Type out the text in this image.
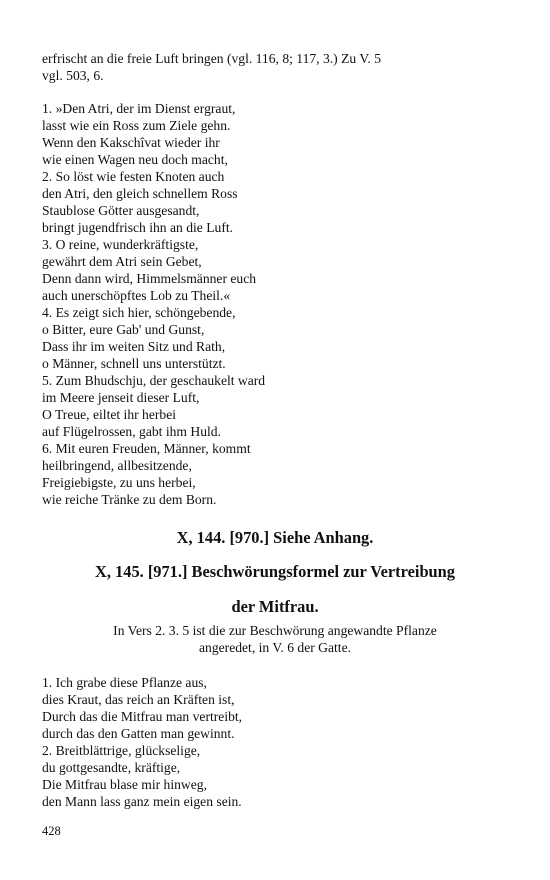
erfrischt an die freie Luft bringen (vgl. 116, 8; 117, 3.) Zu V. 5
vgl. 503, 6.
1. »Den Atri, der im Dienst ergraut,
lasst wie ein Ross zum Ziele gehn.
Wenn den Kakschîvat wieder ihr
wie einen Wagen neu doch macht,
2. So löst wie festen Knoten auch
den Atri, den gleich schnellem Ross
Staublose Götter ausgesandt,
bringt jugendfrisch ihn an die Luft.
3. O reine, wunderkräftigste,
gewährt dem Atri sein Gebet,
Denn dann wird, Himmelsmänner euch
auch unerschöpftes Lob zu Theil.«
4. Es zeigt sich hier, schöngebende,
o Bitter, eure Gab' und Gunst,
Dass ihr im weiten Sitz und Rath,
o Männer, schnell uns unterstützt.
5. Zum Bhudschju, der geschaukelt ward
im Meere jenseit dieser Luft,
O Treue, eiltet ihr herbei
auf Flügelrossen, gabt ihm Huld.
6. Mit euren Freuden, Männer, kommt
heilbringend, allbesitzende,
Freigiebigste, zu uns herbei,
wie reiche Tränke zu dem Born.
X, 144. [970.] Siehe Anhang.
X, 145. [971.] Beschwörungsformel zur Vertreibung
der Mitfrau.
In Vers 2. 3. 5 ist die zur Beschwörung angewandte Pflanze
angeredet, in V. 6 der Gatte.
1. Ich grabe diese Pflanze aus,
dies Kraut, das reich an Kräften ist,
Durch das die Mitfrau man vertreibt,
durch das den Gatten man gewinnt.
2. Breitblättrige, glückselige,
du gottgesandte, kräftige,
Die Mitfrau blase mir hinweg,
den Mann lass ganz mein eigen sein.
428
